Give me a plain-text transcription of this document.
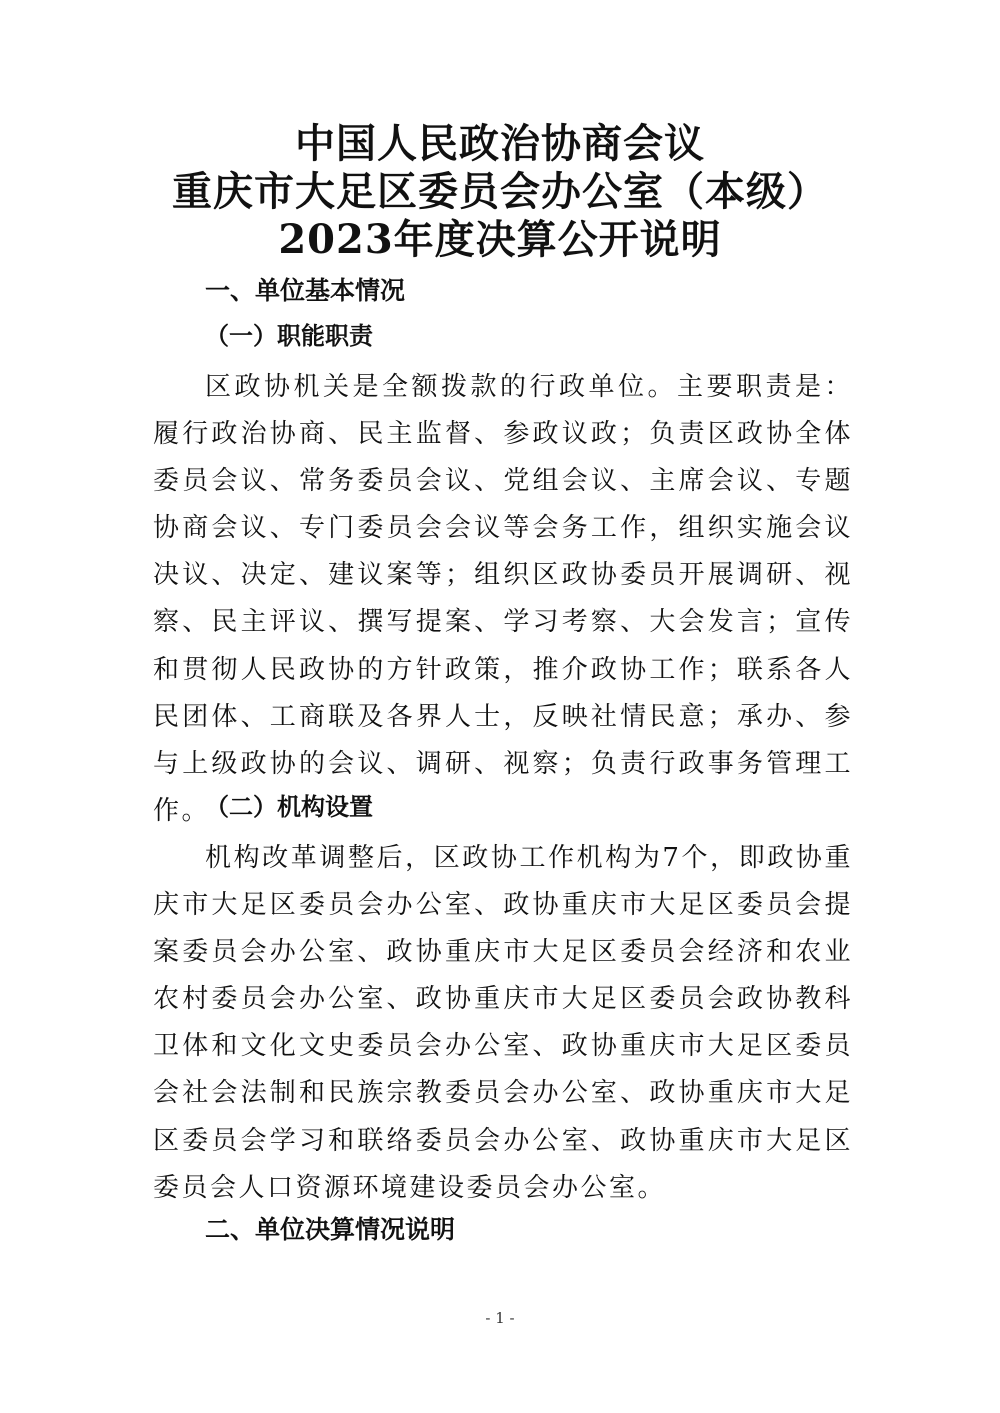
中国人民政治协商会议
重庆市大足区委员会办公室（本级）
2023年度决算公开说明
一、单位基本情况
（一）职能职责

区政协机关是全额拨款的行政单位。主要职责是：履行政治协商、民主监督、参政议政；负责区政协全体委员会议、常务委员会议、党组会议、主席会议、专题协商会议、专门委员会会议等会务工作，组织实施会议决议、决定、建议案等；组织区政协委员开展调研、视察、民主评议、撰写提案、学习考察、大会发言；宣传和贯彻人民政协的方针政策，推介政协工作；联系各人民团体、工商联及各界人士，反映社情民意；承办、参与上级政协的会议、调研、视察；负责行政事务管理工作。

（二）机构设置

机构改革调整后，区政协工作机构为7个，即政协重庆市大足区委员会办公室、政协重庆市大足区委员会提案委员会办公室、政协重庆市大足区委员会经济和农业农村委员会办公室、政协重庆市大足区委员会政协教科卫体和文化文史委员会办公室、政协重庆市大足区委员会社会法制和民族宗教委员会办公室、政协重庆市大足区委员会学习和联络委员会办公室、政协重庆市大足区委员会人口资源环境建设委员会办公室。

二、单位决算情况说明
- 1 -
